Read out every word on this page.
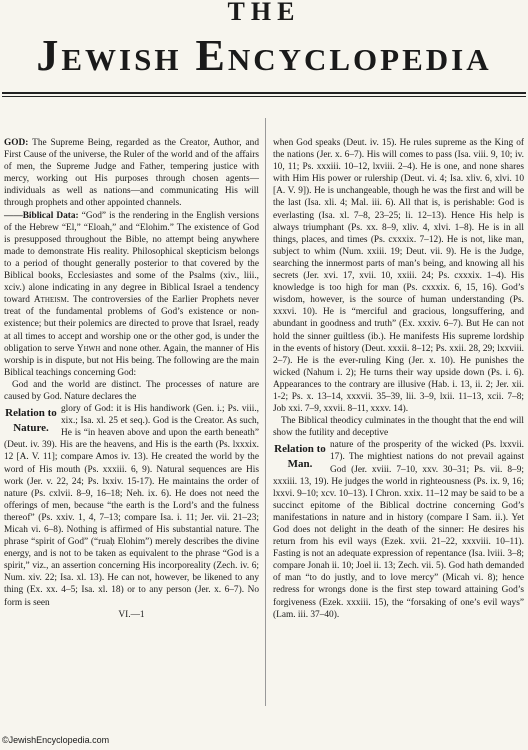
THE
Jewish Encyclopedia

GOD: The Supreme Being, regarded as the Creator, Author, and First Cause of the universe, the Ruler of the world and of the affairs of men, the Supreme Judge and Father, tempering justice with mercy, working out His purposes through chosen agents—individuals as well as nations—and communicating His will through prophets and other appointed channels.

——Biblical Data: “God” is the rendering in the English versions of the Hebrew “El,” “Eloah,” and “Elohim.” The existence of God is presupposed throughout the Bible, no attempt being anywhere made to demonstrate His reality. Philosophical skepticism belongs to a period of thought generally posterior to that covered by the Biblical books, Ecclesiastes and some of the Psalms (xiv., liii., xciv.) alone indicating in any degree in Biblical Israel a tendency toward Atheism. The controversies of the Earlier Prophets never treat of the fundamental problems of God’s existence or non-existence; but their polemics are directed to prove that Israel, ready at all times to accept and worship one or the other god, is under the obligation to serve Yhwh and none other. Again, the manner of His worship is in dispute, but not His being. The following are the main Biblical teachings concerning God:

God and the world are distinct. The processes of nature are caused by God. Nature declares the

Relation to Nature.
glory of God: it is His handiwork (Gen. i.; Ps. viii., xix.; Isa. xl. 25 et seq.). God is the Creator. As such, He is “in heaven above and upon the earth beneath” (Deut. iv. 39). His are the heavens, and His is the earth (Ps. lxxxix. 12 [A. V. 11]; compare Amos iv. 13). He created the world by the word of His mouth (Ps. xxxiii. 6, 9). Natural sequences are His work (Jer. v. 22, 24; Ps. lxxiv. 15-17). He maintains the order of nature (Ps. cxlvii. 8–9, 16–18; Neh. ix. 6). He does not need the offerings of men, because “the earth is the Lord’s and the fulness thereof” (Ps. xxiv. 1, 4, 7–13; compare Isa. i. 11; Jer. vii. 21–23; Micah vi. 6–8). Nothing is affirmed of His substantial nature. The phrase “spirit of God” (“ruaḥ Elohim”) merely describes the divine energy, and is not to be taken as equivalent to the phrase “God is a spirit,” viz., an assertion concerning His incorporeality (Zech. iv. 6; Num. xiv. 22; Isa. xl. 13). He can not, however, be likened to any thing (Ex. xx. 4–5; Isa. xl. 18) or to any person (Jer. x. 6–7). No form is seen

VI.—1

when God speaks (Deut. iv. 15). He rules supreme as the King of the nations (Jer. x. 6–7). His will comes to pass (Isa. viii. 9, 10; iv. 10, 11; Ps. xxxiii. 10–12, lxviii. 2–4). He is one, and none shares with Him His power or rulership (Deut. vi. 4; Isa. xliv. 6, xlvi. 10 [A. V. 9]). He is unchangeable, though he was the first and will be the last (Isa. xli. 4; Mal. iii. 6). All that is, is perishable: God is everlasting (Isa. xl. 7–8, 23–25; li. 12–13). Hence His help is always triumphant (Ps. xx. 8–9, xliv. 4, xlvi. 1–8). He is in all things, places, and times (Ps. cxxxix. 7–12). He is not, like man, subject to whim (Num. xxiii. 19; Deut. vii. 9). He is the Judge, searching the innermost parts of man’s being, and knowing all his secrets (Jer. xvi. 17, xvii. 10, xxiii. 24; Ps. cxxxix. 1–4). His knowledge is too high for man (Ps. cxxxix. 6, 15, 16). God’s wisdom, however, is the source of human understanding (Ps. xxxvi. 10). He is “merciful and gracious, longsuffering, and abundant in goodness and truth” (Ex. xxxiv. 6–7). But He can not hold the sinner guiltless (ib.). He manifests His supreme lordship in the events of history (Deut. xxxii. 8–12; Ps. xxii. 28, 29; lxxviii. 2–7). He is the ever-ruling King (Jer. x. 10). He punishes the wicked (Nahum i. 2); He turns their way upside down (Ps. i. 6). Appearances to the contrary are illusive (Hab. i. 13, ii. 2; Jer. xii. 1-2; Ps. x. 13–14, xxxvii. 35–39, lii. 3–9, lxii. 11–13, xcii. 7–8; Job xxi. 7–9, xxvii. 8–11, xxxv. 14).

The Biblical theodicy culminates in the thought that the end will show the futility and deceptive

Relation to Man.
nature of the prosperity of the wicked (Ps. lxxvii. 17). The mightiest nations do not prevail against God (Jer. xviii. 7–10, xxv. 30–31; Ps. vii. 8–9; xxxiii. 13, 19). He judges the world in righteousness (Ps. ix. 9, 16; lxxvi. 9–10; xcv. 10–13). I Chron. xxix. 11–12 may be said to be a succinct epitome of the Biblical doctrine concerning God’s manifestations in nature and in history (compare I Sam. ii.). Yet God does not delight in the death of the sinner: He desires his return from his evil ways (Ezek. xvii. 21–22, xxxviii. 10–11). Fasting is not an adequate expression of repentance (Isa. lviii. 3–8; compare Jonah ii. 10; Joel ii. 13; Zech. vii. 5). God hath demanded of man “to do justly, and to love mercy” (Micah vi. 8); hence redress for wrongs done is the first step toward attaining God’s forgiveness (Ezek. xxxiii. 15), the “forsaking of one’s evil ways” (Lam. iii. 37–40).

©JewishEncyclopedia.com
